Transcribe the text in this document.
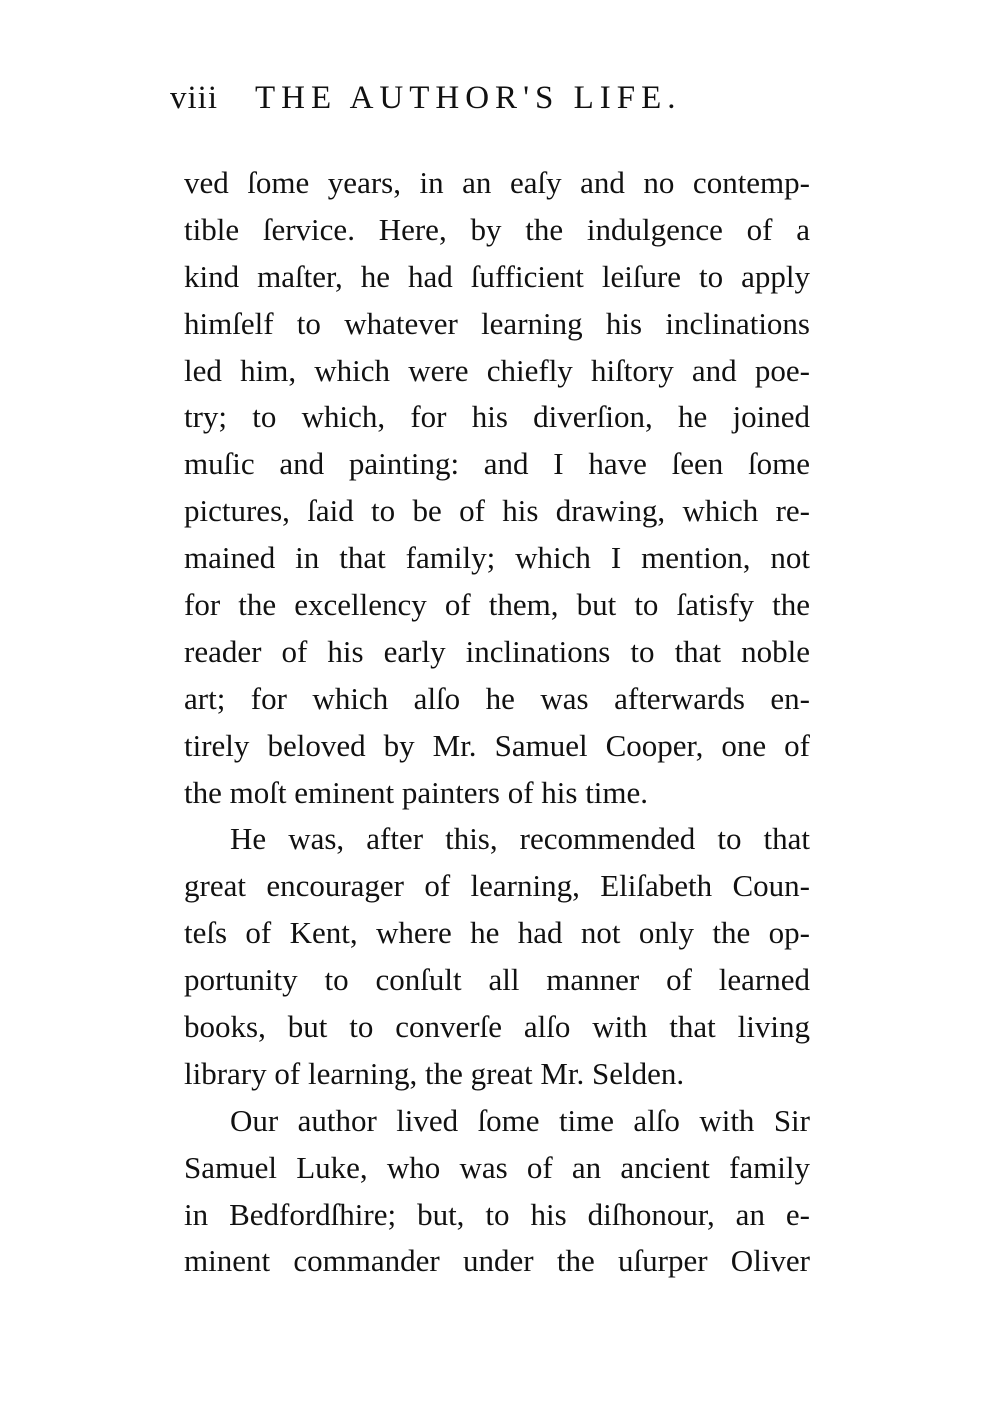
viii THE AUTHOR'S LIFE.
ved ſome years, in an eaſy and no contemp-
tible ſervice. Here, by the indulgence of a
kind maſter, he had ſufficient leiſure to apply
himſelf to whatever learning his inclinations
led him, which were chiefly hiſtory and poe-
try; to which, for his diverſion, he joined
muſic and painting: and I have ſeen ſome
pictures, ſaid to be of his drawing, which re-
mained in that family; which I mention, not
for the excellency of them, but to ſatisfy the
reader of his early inclinations to that noble
art; for which alſo he was afterwards en-
tirely beloved by Mr. Samuel Cooper, one of
the moſt eminent painters of his time.
He was, after this, recommended to that
great encourager of learning, Eliſabeth Coun-
teſs of Kent, where he had not only the op-
portunity to conſult all manner of learned
books, but to converſe alſo with that living
library of learning, the great Mr. Selden.
Our author lived ſome time alſo with Sir
Samuel Luke, who was of an ancient family
in Bedfordſhire; but, to his diſhonour, an e-
minent commander under the uſurper Oliver
